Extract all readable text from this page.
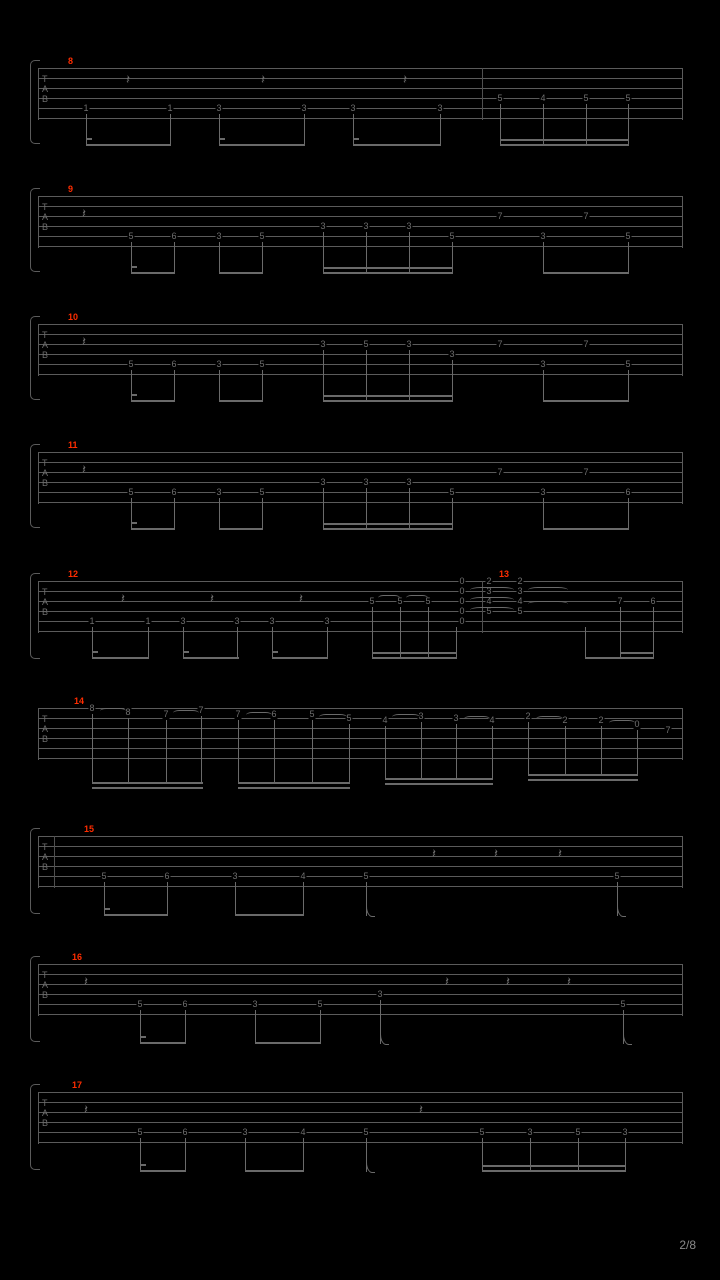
T
A
B
8
𝄽	𝄽	𝄽
1	1	3	3	3	3
5	4	5	5
T
A
B
9
𝄽
5	6	3	5
3	3	3
5
7
3
7
5
T
A
B
10
𝄽
5	6	3	5
3	5	3
3
7
3
7
5
T
A
B
11
𝄽
5	6	3	5
3	3	3
5
7
3
7
6
T
A
B
12	13
𝄽	𝄽	𝄽
1	1	3	3	3	3
5	5	5
0
0
0
0
0
2
3
4
5
2
3
4
5
7	6
T
A
B
14
8	8	7	7	7	6	5	5	4	3	3	4	2	2	2	0
7
T
A
B
15
5	6	3	4	5	5
𝄽	𝄽	𝄽
T
A
B
16
𝄽
5	6	3	5
3
5
𝄽	𝄽	𝄽
T
A
B
17
𝄽
5	6	3	4	5
𝄽
5	3	5	3
2/8
